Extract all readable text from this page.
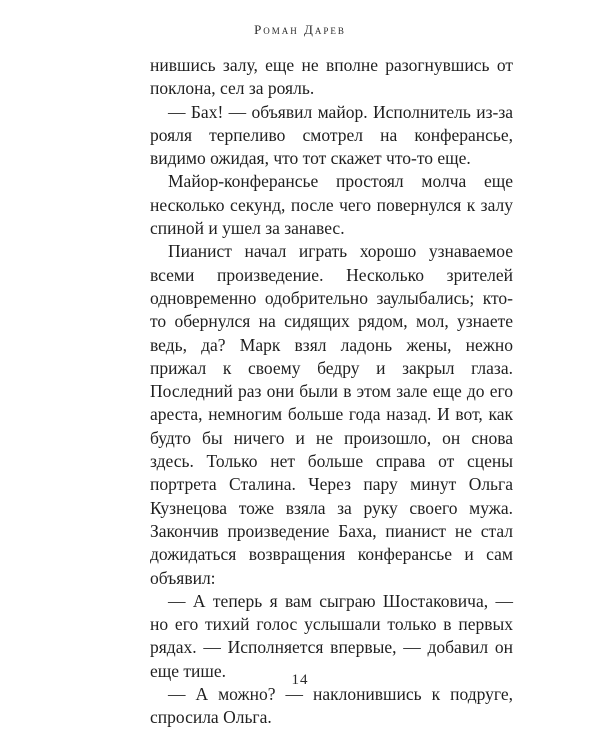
Роман Дарев

нившись залу, еще не вполне разогнувшись от поклона, сел за рояль.

— Бах! — объявил майор. Исполнитель из-за рояля терпеливо смотрел на конферансье, видимо ожидая, что тот скажет что-то еще.

Майор-конферансье простоял молча еще несколько секунд, после чего повернулся к залу спиной и ушел за занавес.

Пианист начал играть хорошо узнаваемое всеми произведение. Несколько зрителей одновременно одобрительно заулыбались; кто-то обернулся на сидящих рядом, мол, узнаете ведь, да? Марк взял ладонь жены, нежно прижал к своему бедру и закрыл глаза. Последний раз они были в этом зале еще до его ареста, немногим больше года назад. И вот, как будто бы ничего и не произошло, он снова здесь. Только нет больше справа от сцены портрета Сталина. Через пару минут Ольга Кузнецова тоже взяла за руку своего мужа. Закончив произведение Баха, пианист не стал дожидаться возвращения конферансье и сам объявил:

— А теперь я вам сыграю Шостаковича, — но его тихий голос услышали только в первых рядах. — Исполняется впервые, — добавил он еще тише.

— А можно? — наклонившись к подруге, спросила Ольга.

14
